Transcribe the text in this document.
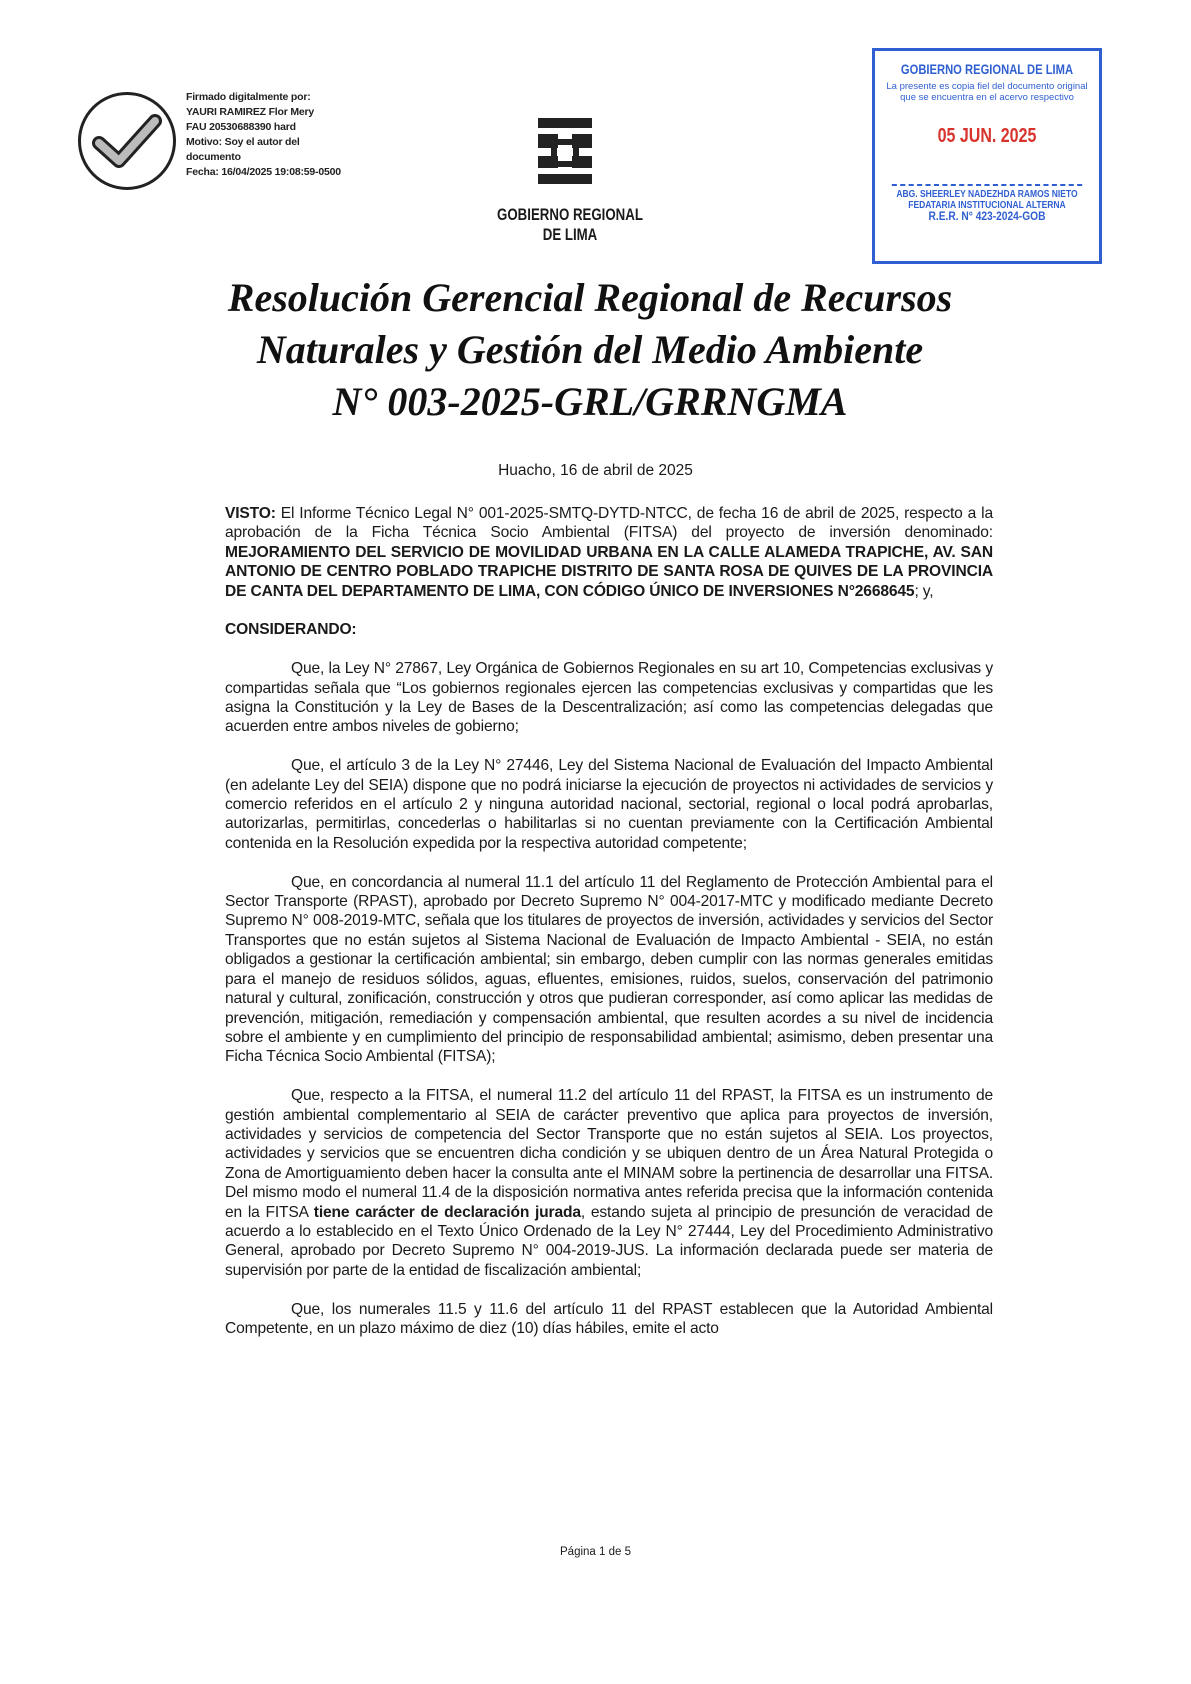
Firmado digitalmente por:
YAURI RAMIREZ Flor Mery
FAU 20530688390 hard
Motivo: Soy el autor del
documento
Fecha: 16/04/2025 19:08:59-0500
GOBIERNO REGIONAL DE LIMA
GOBIERNO REGIONAL DE LIMA
La presente es copia fiel del documento original que se encuentra en el acervo respectivo
05 JUN. 2025
ABG. SHEERLEY NADEZHDA RAMOS NIETO
FEDATARIA INSTITUCIONAL ALTERNA
R.E.R. N° 423-2024-GOB
Resolución Gerencial Regional de Recursos
Naturales y Gestión del Medio Ambiente
N° 003-2025-GRL/GRRNGMA
Huacho, 16 de abril de 2025

VISTO: El Informe Técnico Legal N° 001-2025-SMTQ-DYTD-NTCC, de fecha 16 de abril de 2025, respecto a la aprobación de la Ficha Técnica Socio Ambiental (FITSA) del proyecto de inversión denominado: MEJORAMIENTO DEL SERVICIO DE MOVILIDAD URBANA EN LA CALLE ALAMEDA TRAPICHE, AV. SAN ANTONIO DE CENTRO POBLADO TRAPICHE DISTRITO DE SANTA ROSA DE QUIVES DE LA PROVINCIA DE CANTA DEL DEPARTAMENTO DE LIMA, CON CÓDIGO ÚNICO DE INVERSIONES N°2668645; y,

CONSIDERANDO:

Que, la Ley N° 27867, Ley Orgánica de Gobiernos Regionales en su art 10, Competencias exclusivas y compartidas señala que “Los gobiernos regionales ejercen las competencias exclusivas y compartidas que les asigna la Constitución y la Ley de Bases de la Descentralización; así como las competencias delegadas que acuerden entre ambos niveles de gobierno;

Que, el artículo 3 de la Ley N° 27446, Ley del Sistema Nacional de Evaluación del Impacto Ambiental (en adelante Ley del SEIA) dispone que no podrá iniciarse la ejecución de proyectos ni actividades de servicios y comercio referidos en el artículo 2 y ninguna autoridad nacional, sectorial, regional o local podrá aprobarlas, autorizarlas, permitirlas, concederlas o habilitarlas si no cuentan previamente con la Certificación Ambiental contenida en la Resolución expedida por la respectiva autoridad competente;

Que, en concordancia al numeral 11.1 del artículo 11 del Reglamento de Protección Ambiental para el Sector Transporte (RPAST), aprobado por Decreto Supremo N° 004-2017-MTC y modificado mediante Decreto Supremo N° 008-2019-MTC, señala que los titulares de proyectos de inversión, actividades y servicios del Sector Transportes que no están sujetos al Sistema Nacional de Evaluación de Impacto Ambiental - SEIA, no están obligados a gestionar la certificación ambiental; sin embargo, deben cumplir con las normas generales emitidas para el manejo de residuos sólidos, aguas, efluentes, emisiones, ruidos, suelos, conservación del patrimonio natural y cultural, zonificación, construcción y otros que pudieran corresponder, así como aplicar las medidas de prevención, mitigación, remediación y compensación ambiental, que resulten acordes a su nivel de incidencia sobre el ambiente y en cumplimiento del principio de responsabilidad ambiental; asimismo, deben presentar una Ficha Técnica Socio Ambiental (FITSA);

Que, respecto a la FITSA, el numeral 11.2 del artículo 11 del RPAST, la FITSA es un instrumento de gestión ambiental complementario al SEIA de carácter preventivo que aplica para proyectos de inversión, actividades y servicios de competencia del Sector Transporte que no están sujetos al SEIA. Los proyectos, actividades y servicios que se encuentren dicha condición y se ubiquen dentro de un Área Natural Protegida o Zona de Amortiguamiento deben hacer la consulta ante el MINAM sobre la pertinencia de desarrollar una FITSA. Del mismo modo el numeral 11.4 de la disposición normativa antes referida precisa que la información contenida en la FITSA tiene carácter de declaración jurada, estando sujeta al principio de presunción de veracidad de acuerdo a lo establecido en el Texto Único Ordenado de la Ley N° 27444, Ley del Procedimiento Administrativo General, aprobado por Decreto Supremo N° 004-2019-JUS. La información declarada puede ser materia de supervisión por parte de la entidad de fiscalización ambiental;

Que, los numerales 11.5 y 11.6 del artículo 11 del RPAST establecen que la Autoridad Ambiental Competente, en un plazo máximo de diez (10) días hábiles, emite el acto

Página 1 de 5
